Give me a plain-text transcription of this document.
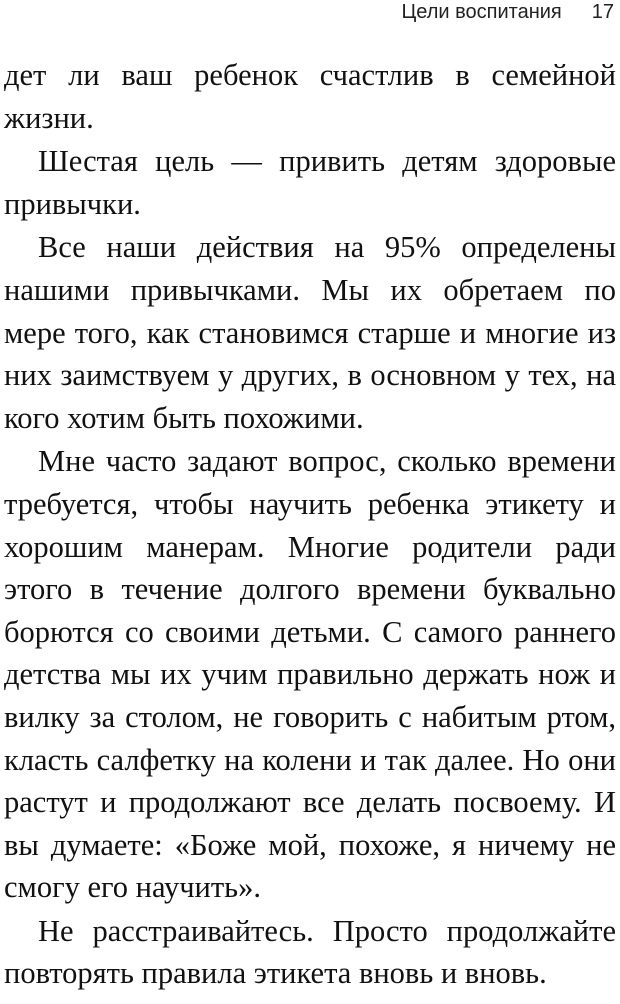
Цели воспитания 17

дет ли ваш ребенок счастлив в семейной жизни.

Шестая цель — привить детям здоровые привычки.

Все наши действия на 95% определены нашими привычками. Мы их обретаем по мере того, как становимся старше и многие из них заимствуем у других, в основном у тех, на кого хотим быть похожими.

Мне часто задают вопрос, сколько времени требуется, чтобы научить ребенка этикету и хорошим манерам. Многие родители ради этого в течение долгого времени буквально борются со своими детьми. С самого раннего детства мы их учим правильно держать нож и вилку за столом, не говорить с набитым ртом, класть салфетку на колени и так далее. Но они растут и продолжают все делать посвоему. И вы думаете: «Боже мой, похоже, я ничему не смогу его научить».

Не расстраивайтесь. Просто продолжайте повторять правила этикета вновь и вновь.
